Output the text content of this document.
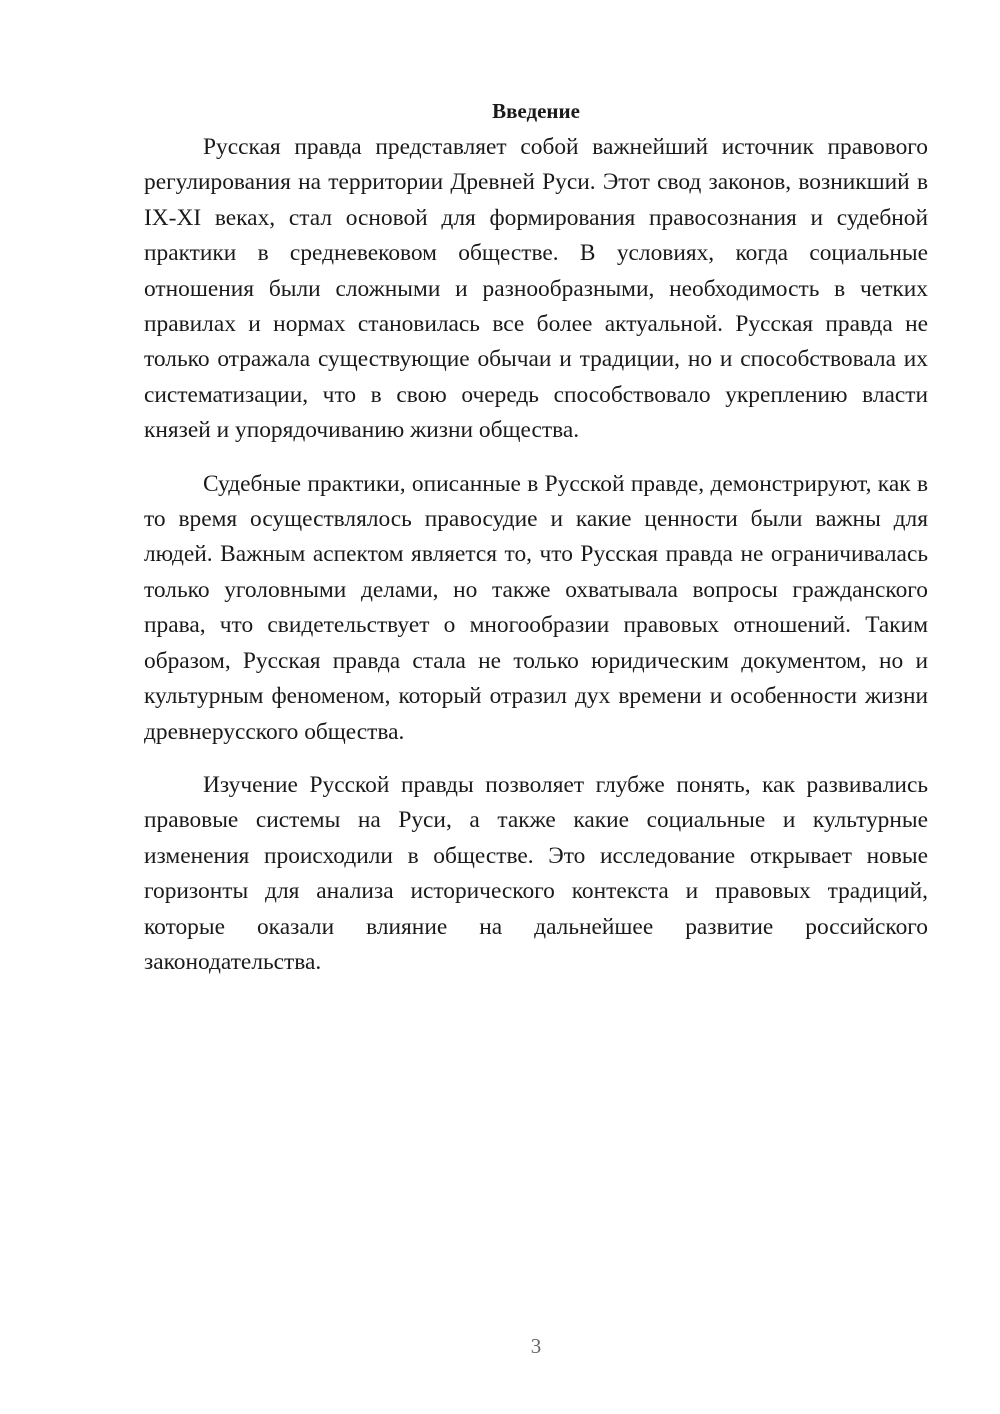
Введение

Русская правда представляет собой важнейший источник правового регулирования на территории Древней Руси. Этот свод законов, возникший в IX-XI веках, стал основой для формирования правосознания и судебной практики в средневековом обществе. В условиях, когда социальные отношения были сложными и разнообразными, необходимость в четких правилах и нормах становилась все более актуальной. Русская правда не только отражала существующие обычаи и традиции, но и способствовала их систематизации, что в свою очередь способствовало укреплению власти князей и упорядочиванию жизни общества.

Судебные практики, описанные в Русской правде, демонстрируют, как в то время осуществлялось правосудие и какие ценности были важны для людей. Важным аспектом является то, что Русская правда не ограничивалась только уголовными делами, но также охватывала вопросы гражданского права, что свидетельствует о многообразии правовых отношений. Таким образом, Русская правда стала не только юридическим документом, но и культурным феноменом, который отразил дух времени и особенности жизни древнерусского общества.

Изучение Русской правды позволяет глубже понять, как развивались правовые системы на Руси, а также какие социальные и культурные изменения происходили в обществе. Это исследование открывает новые горизонты для анализа исторического контекста и правовых традиций, которые оказали влияние на дальнейшее развитие российского законодательства.

3
